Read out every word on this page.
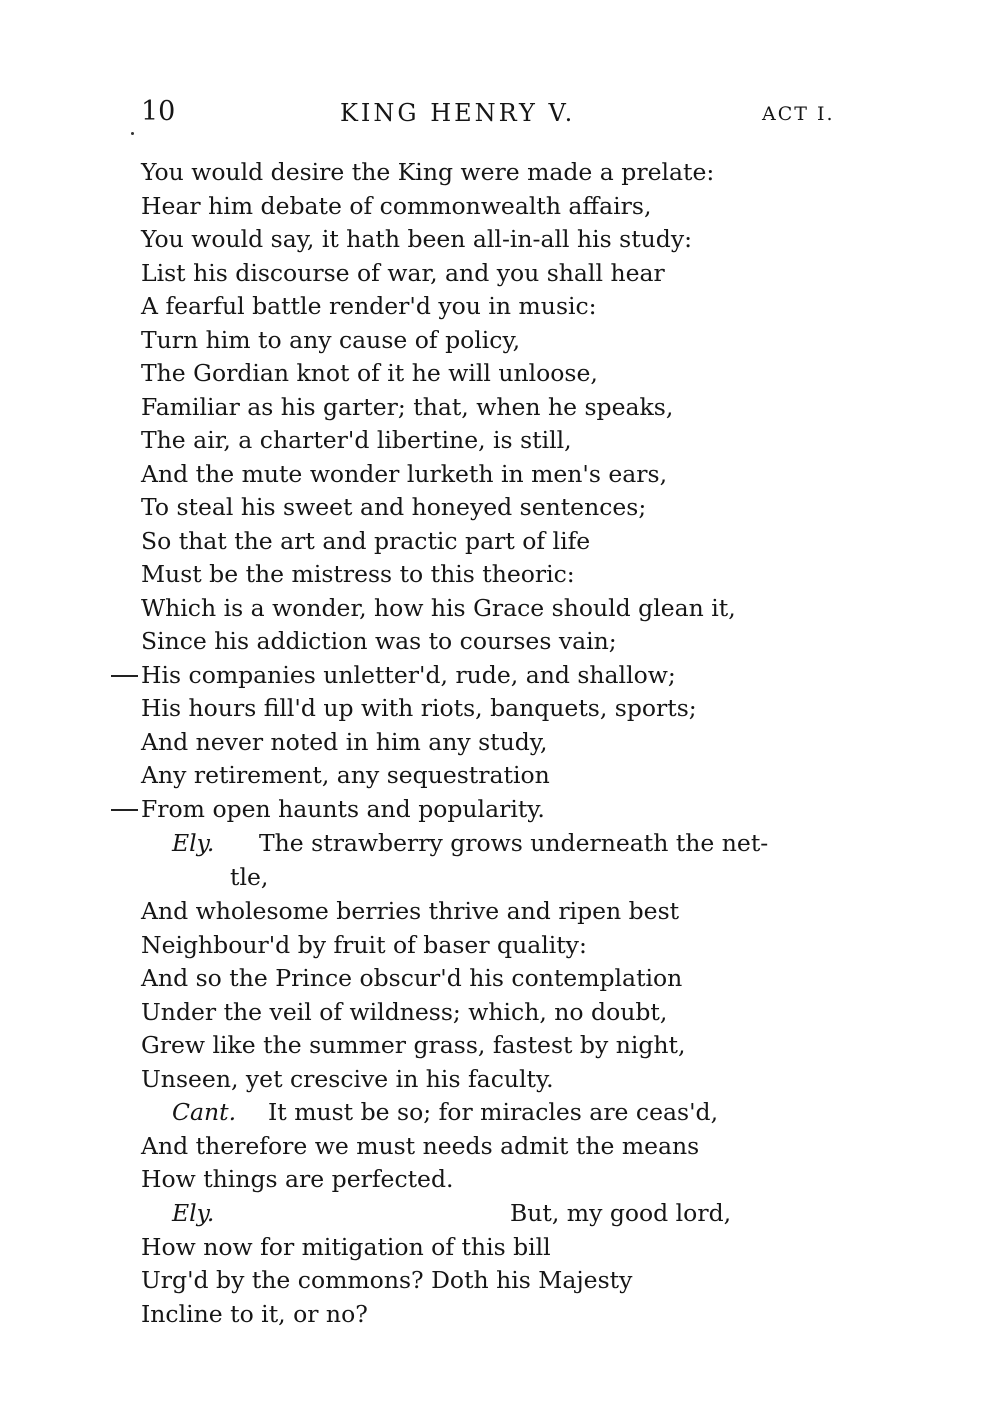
10	KING HENRY V.	ACT I.
You would desire the King were made a prelate:
Hear him debate of commonwealth affairs,
You would say, it hath been all-in-all his study:
List his discourse of war, and you shall hear
A fearful battle render'd you in music:
Turn him to any cause of policy,
The Gordian knot of it he will unloose,
Familiar as his garter; that, when he speaks,
The air, a charter'd libertine, is still,
And the mute wonder lurketh in men's ears,
To steal his sweet and honeyed sentences;
So that the art and practic part of life
Must be the mistress to this theoric:
Which is a wonder, how his Grace should glean it,
Since his addiction was to courses vain;
His companies unletter'd, rude, and shallow;
His hours fill'd up with riots, banquets, sports;
And never noted in him any study,
Any retirement, any sequestration
From open haunts and popularity.
Ely. The strawberry grows underneath the net-
tle,
And wholesome berries thrive and ripen best
Neighbour'd by fruit of baser quality:
And so the Prince obscur'd his contemplation
Under the veil of wildness; which, no doubt,
Grew like the summer grass, fastest by night,
Unseen, yet crescive in his faculty.
Cant. It must be so; for miracles are ceas'd,
And therefore we must needs admit the means
How things are perfected.
Ely.	But, my good lord,
How now for mitigation of this bill
Urg'd by the commons? Doth his Majesty
Incline to it, or no?
